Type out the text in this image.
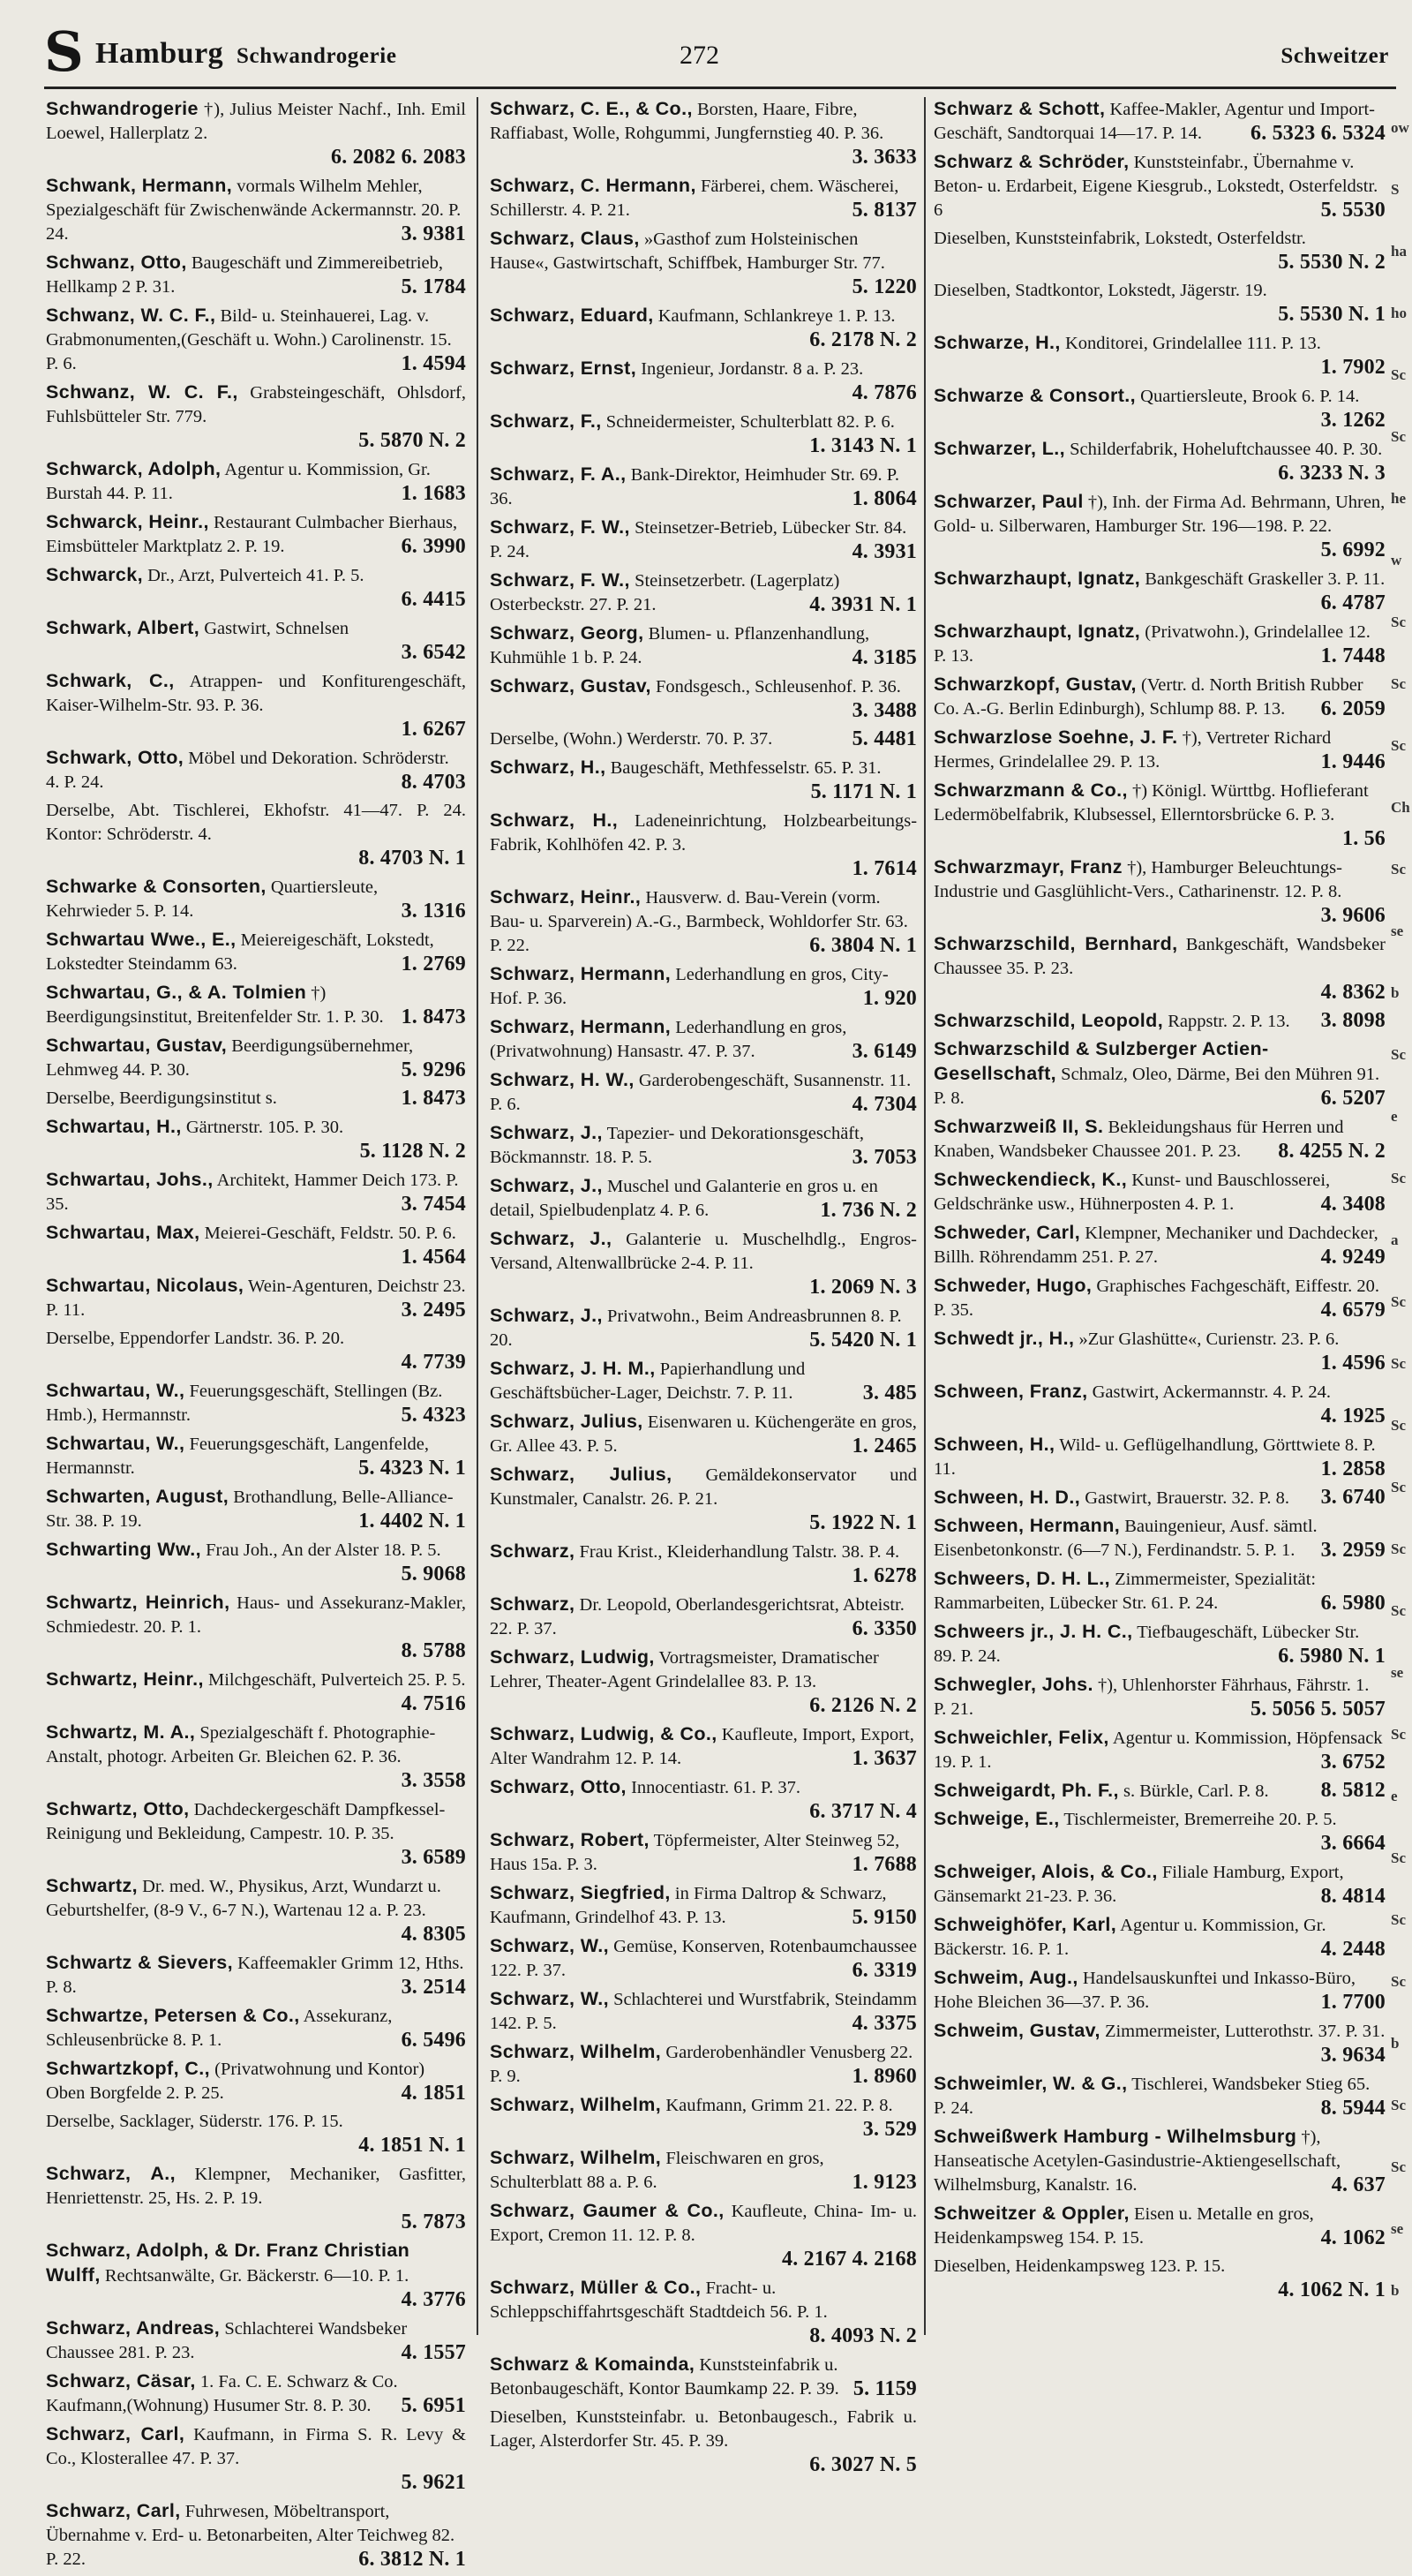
S Hamburg Schwandrogerie	272	Schweitzer
Schwandrogerie †), Julius Meister Nachf., Inh. Emil Loewel, Hallerplatz 2.
6. 2082 6. 2083
Schwank, Hermann, vormals Wilhelm Mehler, Spezialgeschäft für Zwischenwände Ackermannstr. 20. P. 24.	3. 9381
Schwanz, Otto, Baugeschäft und Zimmereibetrieb, Hellkamp 2 P. 31.	5. 1784
Schwanz, W. C. F., Bild- u. Steinhauerei, Lag. v. Grabmonumenten,(Geschäft u. Wohn.) Carolinenstr. 15. P. 6.	1. 4594
Schwanz, W. C. F., Grabsteingeschäft, Ohlsdorf, Fuhlsbütteler Str. 779.
5. 5870 N. 2
Schwarck, Adolph, Agentur u. Kommission, Gr. Burstah 44. P. 11.	1. 1683
Schwarck, Heinr., Restaurant Culmbacher Bierhaus, Eimsbütteler Marktplatz 2. P. 19.	6. 3990
Schwarck, Dr., Arzt, Pulverteich 41. P. 5.
6. 4415
Schwark, Albert, Gastwirt, Schnelsen
3. 6542
Schwark, C., Atrappen- und Konfiturengeschäft, Kaiser-Wilhelm-Str. 93. P. 36.
1. 6267
Schwark, Otto, Möbel und Dekoration. Schröderstr. 4. P. 24.	8. 4703
Derselbe, Abt. Tischlerei, Ekhofstr. 41—47. P. 24. Kontor: Schröderstr. 4.
8. 4703 N. 1
Schwarke & Consorten, Quartiersleute, Kehrwieder 5. P. 14.	3. 1316
Schwartau Wwe., E., Meiereigeschäft, Lokstedt, Lokstedter Steindamm 63.	1. 2769
Schwartau, G., & A. Tolmien †) Beerdigungsinstitut, Breitenfelder Str. 1. P. 30. 1. 8473
Schwartau, Gustav, Beerdigungsübernehmer, Lehmweg 44. P. 30.	5. 9296
Derselbe, Beerdigungsinstitut s.	1. 8473
Schwartau, H., Gärtnerstr. 105. P. 30.
5. 1128 N. 2
Schwartau, Johs., Architekt, Hammer Deich 173. P. 35.	3. 7454
Schwartau, Max, Meierei-Geschäft, Feldstr. 50. P. 6.
1. 4564
Schwartau, Nicolaus, Wein-Agenturen, Deichstr 23. P. 11.	3. 2495
Derselbe, Eppendorfer Landstr. 36. P. 20.
4. 7739
Schwartau, W., Feuerungsgeschäft, Stellingen (Bz. Hmb.), Hermannstr.	5. 4323
Schwartau, W., Feuerungsgeschäft, Langenfelde, Hermannstr.	5. 4323 N. 1
Schwarten, August, Brothandlung, Belle-Alliance-Str. 38. P. 19.	1. 4402 N. 1
Schwarting Ww., Frau Joh., An der Alster 18. P. 5.
5. 9068
Schwartz, Heinrich, Haus- und Assekuranz-Makler, Schmiedestr. 20. P. 1.
8. 5788
Schwartz, Heinr., Milchgeschäft, Pulverteich 25. P. 5.
4. 7516
Schwartz, M. A., Spezialgeschäft f. Photographie-Anstalt, photogr. Arbeiten Gr. Bleichen 62. P. 36.
3. 3558
Schwartz, Otto, Dachdeckergeschäft Dampfkessel-Reinigung und Bekleidung, Campestr. 10. P. 35.
3. 6589
Schwartz, Dr. med. W., Physikus, Arzt, Wundarzt u. Geburtshelfer, (8-9 V., 6-7 N.), Wartenau 12 a. P. 23.
4. 8305
Schwartz & Sievers, Kaffeemakler Grimm 12, Hths. P. 8.	3. 2514
Schwartze, Petersen & Co., Assekuranz, Schleusenbrücke 8. P. 1.	6. 5496
Schwartzkopf, C., (Privatwohnung und Kontor) Oben Borgfelde 2. P. 25.	4. 1851
Derselbe, Sacklager, Süderstr. 176. P. 15.
4. 1851 N. 1
Schwarz, A., Klempner, Mechaniker, Gasfitter, Henriettenstr. 25, Hs. 2. P. 19.
5. 7873
Schwarz, Adolph, & Dr. Franz Christian Wulff, Rechtsanwälte, Gr. Bäckerstr. 6—10. P. 1.
4. 3776
Schwarz, Andreas, Schlachterei Wandsbeker Chaussee 281. P. 23.	4. 1557
Schwarz, Cäsar, 1. Fa. C. E. Schwarz & Co. Kaufmann,(Wohnung) Husumer Str. 8. P. 30.	5. 6951
Schwarz, Carl, Kaufmann, in Firma S. R. Levy & Co., Klosterallee 47. P. 37.
5. 9621
Schwarz, Carl, Fuhrwesen, Möbeltransport, Übernahme v. Erd- u. Betonarbeiten, Alter Teichweg 82. P. 22.	6. 3812 N. 1
Schwarz, C. E., & Co., Borsten, Haare, Fibre, Raffiabast, Wolle, Rohgummi, Jungfernstieg 40. P. 36.
3. 3633
Schwarz, C. Hermann, Färberei, chem. Wäscherei, Schillerstr. 4. P. 21.	5. 8137
Schwarz, Claus, »Gasthof zum Holsteinischen Hause«, Gastwirtschaft, Schiffbek, Hamburger Str. 77.
5. 1220
Schwarz, Eduard, Kaufmann, Schlankreye 1. P. 13.
6. 2178 N. 2
Schwarz, Ernst, Ingenieur, Jordanstr. 8 a. P. 23.
4. 7876
Schwarz, F., Schneidermeister, Schulterblatt 82. P. 6.
1. 3143 N. 1
Schwarz, F. A., Bank-Direktor, Heimhuder Str. 69. P. 36.	1. 8064
Schwarz, F. W., Steinsetzer-Betrieb, Lübecker Str. 84. P. 24.	4. 3931
Schwarz, F. W., Steinsetzerbetr. (Lagerplatz) Osterbeckstr. 27. P. 21.	4. 3931 N. 1
Schwarz, Georg, Blumen- u. Pflanzenhandlung, Kuhmühle 1 b. P. 24.	4. 3185
Schwarz, Gustav, Fondsgesch., Schleusenhof. P. 36.
3. 3488
Derselbe, (Wohn.) Werderstr. 70. P. 37.	5. 4481
Schwarz, H., Baugeschäft, Methfesselstr. 65. P. 31.
5. 1171 N. 1
Schwarz, H., Ladeneinrichtung, Holzbearbeitungs-Fabrik, Kohlhöfen 42. P. 3.
1. 7614
Schwarz, Heinr., Hausverw. d. Bau-Verein (vorm. Bau- u. Sparverein) A.-G., Barmbeck, Wohldorfer Str. 63. P. 22.	6. 3804 N. 1
Schwarz, Hermann, Lederhandlung en gros, City-Hof. P. 36.	1. 920
Schwarz, Hermann, Lederhandlung en gros, (Privatwohnung) Hansastr. 47. P. 37.	3. 6149
Schwarz, H. W., Garderobengeschäft, Susannenstr. 11. P. 6.	4. 7304
Schwarz, J., Tapezier- und Dekorationsgeschäft, Böckmannstr. 18. P. 5.	3. 7053
Schwarz, J., Muschel und Galanterie en gros u. en detail, Spielbudenplatz 4. P. 6.	1. 736 N. 2
Schwarz, J., Galanterie u. Muschelhdlg., Engros-Versand, Altenwallbrücke 2-4. P. 11.
1. 2069 N. 3
Schwarz, J., Privatwohn., Beim Andreasbrunnen 8. P. 20.	5. 5420 N. 1
Schwarz, J. H. M., Papierhandlung und Geschäftsbücher-Lager, Deichstr. 7. P. 11.	3. 485
Schwarz, Julius, Eisenwaren u. Küchengeräte en gros, Gr. Allee 43. P. 5.	1. 2465
Schwarz, Julius, Gemäldekonservator und Kunstmaler, Canalstr. 26. P. 21.
5. 1922 N. 1
Schwarz, Frau Krist., Kleiderhandlung Talstr. 38. P. 4.
1. 6278
Schwarz, Dr. Leopold, Oberlandesgerichtsrat, Abteistr. 22. P. 37.	6. 3350
Schwarz, Ludwig, Vortragsmeister, Dramatischer Lehrer, Theater-Agent Grindelallee 83. P. 13.
6. 2126 N. 2
Schwarz, Ludwig, & Co., Kaufleute, Import, Export, Alter Wandrahm 12. P. 14.	1. 3637
Schwarz, Otto, Innocentiastr. 61. P. 37.
6. 3717 N. 4
Schwarz, Robert, Töpfermeister, Alter Steinweg 52, Haus 15a. P. 3.	1. 7688
Schwarz, Siegfried, in Firma Daltrop & Schwarz, Kaufmann, Grindelhof 43. P. 13.	5. 9150
Schwarz, W., Gemüse, Konserven, Rotenbaumchaussee 122. P. 37.	6. 3319
Schwarz, W., Schlachterei und Wurstfabrik, Steindamm 142. P. 5.	4. 3375
Schwarz, Wilhelm, Garderobenhändler Venusberg 22. P. 9.	1. 8960
Schwarz, Wilhelm, Kaufmann, Grimm 21. 22. P. 8.
3. 529
Schwarz, Wilhelm, Fleischwaren en gros, Schulterblatt 88 a. P. 6.	1. 9123
Schwarz, Gaumer & Co., Kaufleute, China- Im- u. Export, Cremon 11. 12. P. 8.
4. 2167 4. 2168
Schwarz, Müller & Co., Fracht- u. Schleppschiffahrtsgeschäft Stadtdeich 56. P. 1.
8. 4093 N. 2
Schwarz & Komainda, Kunststeinfabrik u. Betonbaugeschäft, Kontor Baumkamp 22. P. 39. 5. 1159
Dieselben, Kunststeinfabr. u. Betonbaugesch., Fabrik u. Lager, Alsterdorfer Str. 45. P. 39.
6. 3027 N. 5
Schwarz & Schott, Kaffee-Makler, Agentur und Import-Geschäft, Sandtorquai 14—17. P. 14.	6. 5323 6. 5324
Schwarz & Schröder, Kunststeinfabr., Übernahme v. Beton- u. Erdarbeit, Eigene Kiesgrub., Lokstedt, Osterfeldstr. 6	5. 5530
Dieselben, Kunststeinfabrik, Lokstedt, Osterfeldstr.
5. 5530 N. 2
Dieselben, Stadtkontor, Lokstedt, Jägerstr. 19.
5. 5530 N. 1
Schwarze, H., Konditorei, Grindelallee 111. P. 13.
1. 7902
Schwarze & Consort., Quartiersleute, Brook 6. P. 14.
3. 1262
Schwarzer, L., Schilderfabrik, Hoheluftchaussee 40. P. 30.
6. 3233 N. 3
Schwarzer, Paul †), Inh. der Firma Ad. Behrmann, Uhren, Gold- u. Silberwaren, Hamburger Str. 196—198. P. 22.
5. 6992
Schwarzhaupt, Ignatz, Bankgeschäft Graskeller 3. P. 11.
6. 4787
Schwarzhaupt, Ignatz, (Privatwohn.), Grindelallee 12. P. 13.	1. 7448
Schwarzkopf, Gustav, (Vertr. d. North British Rubber Co. A.-G. Berlin Edinburgh), Schlump 88. P. 13.	6. 2059
Schwarzlose Soehne, J. F. †), Vertreter Richard Hermes, Grindelallee 29. P. 13.	1. 9446
Schwarzmann & Co., †) Königl. Württbg. Hoflieferant Ledermöbelfabrik, Klubsessel, Ellerntorsbrücke 6. P. 3.
1. 56
Schwarzmayr, Franz †), Hamburger Beleuchtungs-Industrie und Gasglühlicht-Vers., Catharinenstr. 12. P. 8.
3. 9606
Schwarzschild, Bernhard, Bankgeschäft, Wandsbeker Chaussee 35. P. 23.
4. 8362
Schwarzschild, Leopold, Rappstr. 2. P. 13.	3. 8098
Schwarzschild & Sulzberger Actien-Gesellschaft, Schmalz, Oleo, Därme, Bei den Mühren 91. P. 8.	6. 5207
Schwarzweiß II, S. Bekleidungshaus für Herren und Knaben, Wandsbeker Chaussee 201. P. 23.	8. 4255 N. 2
Schweckendieck, K., Kunst- und Bauschlosserei, Geldschränke usw., Hühnerposten 4. P. 1.	4. 3408
Schweder, Carl, Klempner, Mechaniker und Dachdecker, Billh. Röhrendamm 251. P. 27.	4. 9249
Schweder, Hugo, Graphisches Fachgeschäft, Eiffestr. 20. P. 35.	4. 6579
Schwedt jr., H., »Zur Glashütte«, Curienstr. 23. P. 6.
1. 4596
Schween, Franz, Gastwirt, Ackermannstr. 4. P. 24.
4. 1925
Schween, H., Wild- u. Geflügelhandlung, Görttwiete 8. P. 11.	1. 2858
Schween, H. D., Gastwirt, Brauerstr. 32. P. 8.	3. 6740
Schween, Hermann, Bauingenieur, Ausf. sämtl. Eisenbetonkonstr. (6—7 N.), Ferdinandstr. 5. P. 1.	3. 2959
Schweers, D. H. L., Zimmermeister, Spezialität: Rammarbeiten, Lübecker Str. 61. P. 24.	6. 5980
Schweers jr., J. H. C., Tiefbaugeschäft, Lübecker Str. 89. P. 24.	6. 5980 N. 1
Schwegler, Johs. †), Uhlenhorster Fährhaus, Fährstr. 1. P. 21.	5. 5056 5. 5057
Schweichler, Felix, Agentur u. Kommission, Höpfensack 19. P. 1.	3. 6752
Schweigardt, Ph. F., s. Bürkle, Carl. P. 8.	8. 5812
Schweige, E., Tischlermeister, Bremerreihe 20. P. 5.
3. 6664
Schweiger, Alois, & Co., Filiale Hamburg, Export, Gänsemarkt 21-23. P. 36.	8. 4814
Schweighöfer, Karl, Agentur u. Kommission, Gr. Bäckerstr. 16. P. 1.	4. 2448
Schweim, Aug., Handelsauskunftei und Inkasso-Büro, Hohe Bleichen 36—37. P. 36.	1. 7700
Schweim, Gustav, Zimmermeister, Lutterothstr. 37. P. 31.
3. 9634
Schweimler, W. & G., Tischlerei, Wandsbeker Stieg 65. P. 24.	8. 5944
Schweißwerk Hamburg - Wilhelmsburg †), Hanseatische Acetylen-Gasindustrie-Aktiengesellschaft, Wilhelmsburg, Kanalstr. 16.	4. 637
Schweitzer & Oppler, Eisen u. Metalle en gros, Heidenkampsweg 154. P. 15.	4. 1062
Dieselben, Heidenkampsweg 123. P. 15.
4. 1062 N. 1
ow
S
ha
ho
Sc
Sc
he
w
Sc
Sc
Sc
Ch
Sc
se
b
Sc
e
Sc
a
Sc
Sc
Sc
Sc
Sc
Sc
se
Sc
e
Sc
Sc
Sc
b
Sc
Sc
se
b
